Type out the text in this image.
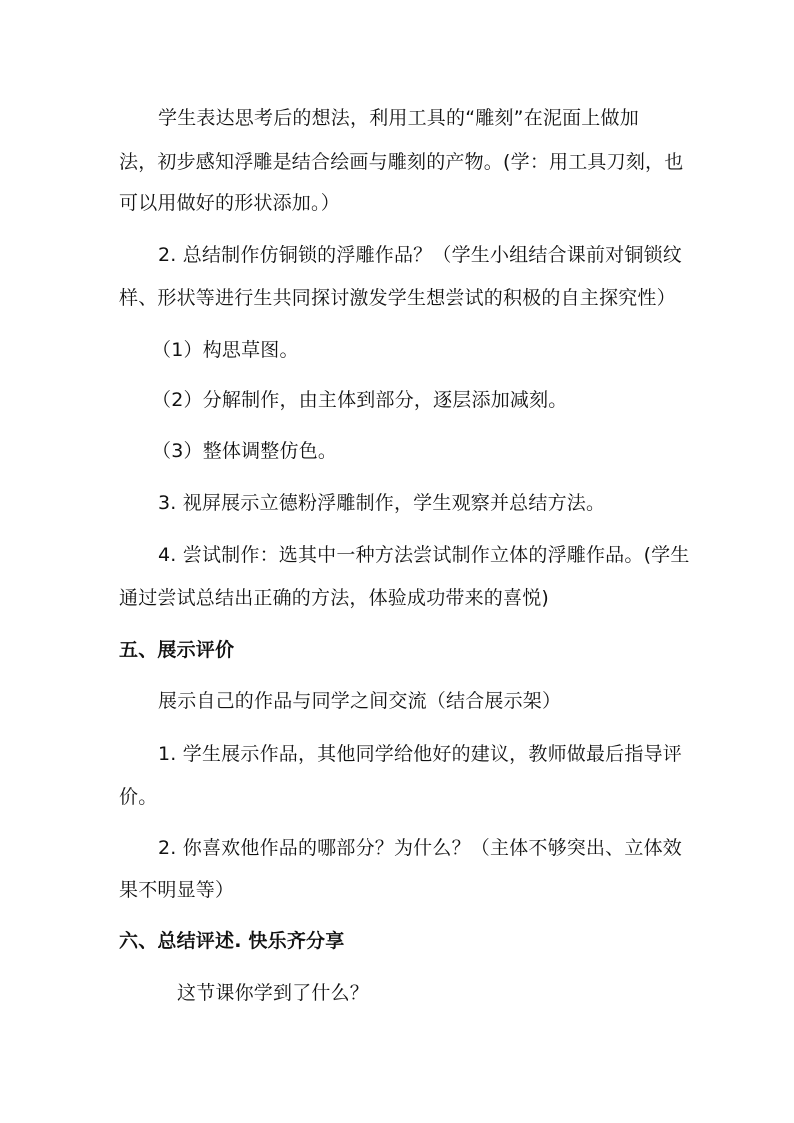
学生表达思考后的想法，利用工具的“雕刻”在泥面上做加
法，初步感知浮雕是结合绘画与雕刻的产物。(学：用工具刀刻，也
可以用做好的形状添加。）
2. 总结制作仿铜锁的浮雕作品？（学生小组结合课前对铜锁纹
样、形状等进行生共同探讨激发学生想尝试的积极的自主探究性）
（1）构思草图。
（2）分解制作，由主体到部分，逐层添加减刻。
（3）整体调整仿色。
3. 视屏展示立德粉浮雕制作，学生观察并总结方法。
4. 尝试制作：选其中一种方法尝试制作立体的浮雕作品。(学生
通过尝试总结出正确的方法，体验成功带来的喜悦)
五、展示评价
展示自己的作品与同学之间交流（结合展示架）
1. 学生展示作品，其他同学给他好的建议，教师做最后指导评
价。
2. 你喜欢他作品的哪部分？为什么？（主体不够突出、立体效
果不明显等）
六、总结评述. 快乐齐分享
这节课你学到了什么？
